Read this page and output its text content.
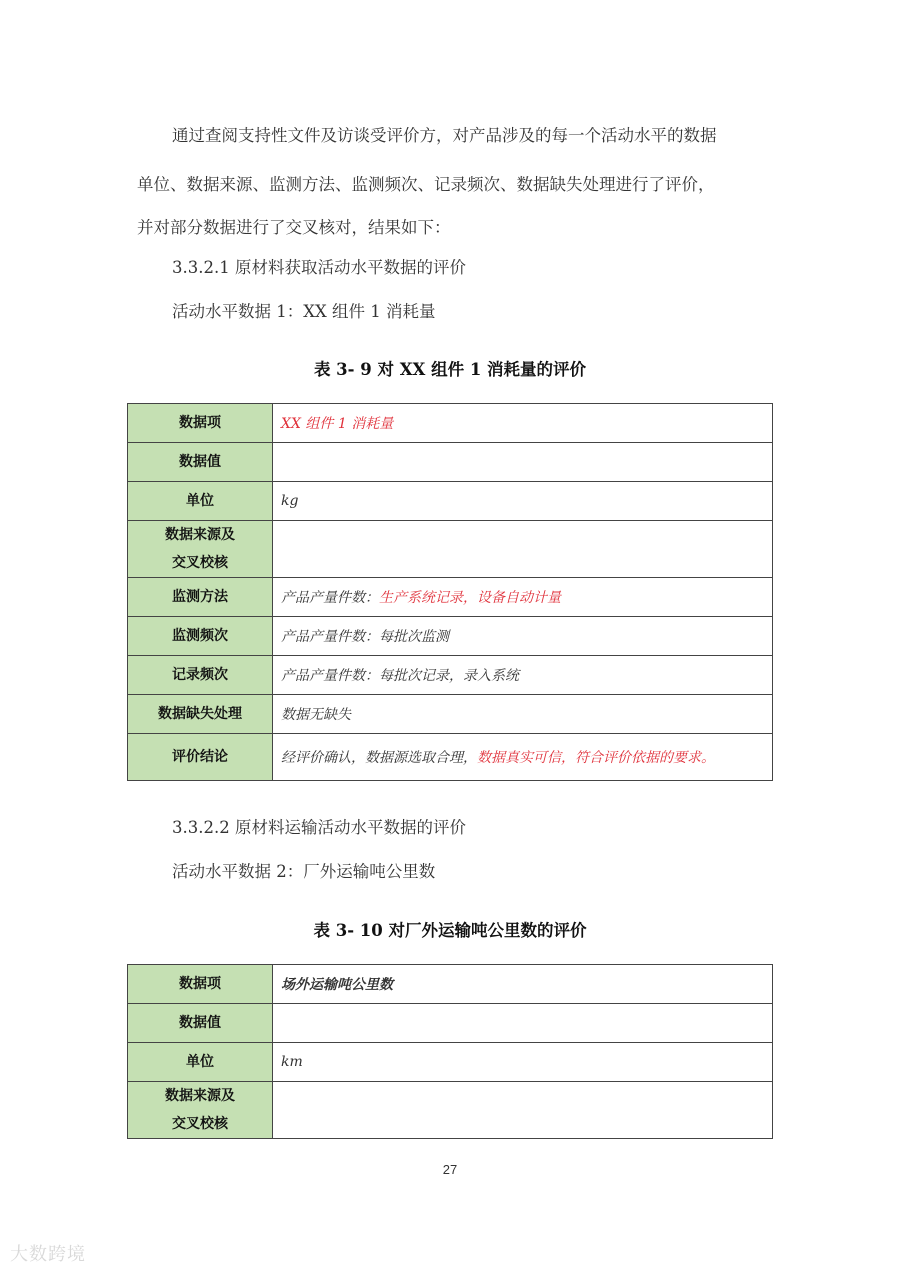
通过查阅支持性文件及访谈受评价方，对产品涉及的每一个活动水平的数据

单位、数据来源、监测方法、监测频次、记录频次、数据缺失处理进行了评价，

并对部分数据进行了交叉核对，结果如下：

3.3.2.1 原材料获取活动水平数据的评价

活动水平数据 1：XX 组件 1 消耗量

表 3- 9 对 XX 组件 1 消耗量的评价

数据项	XX 组件 1 消耗量
数据值	
单位	kg
数据来源及
交叉校核	
监测方法	产品产量件数：生产系统记录，设备自动计量
监测频次	产品产量件数：每批次监测
记录频次	产品产量件数：每批次记录，录入系统
数据缺失处理	数据无缺失
评价结论	经评价确认，数据源选取合理，数据真实可信，符合评价依据的要求。

3.3.2.2 原材料运输活动水平数据的评价

活动水平数据 2：厂外运输吨公里数

表 3- 10 对厂外运输吨公里数的评价

数据项	场外运输吨公里数
数据值	
单位	km
数据来源及
交叉校核	
27
大数跨境
